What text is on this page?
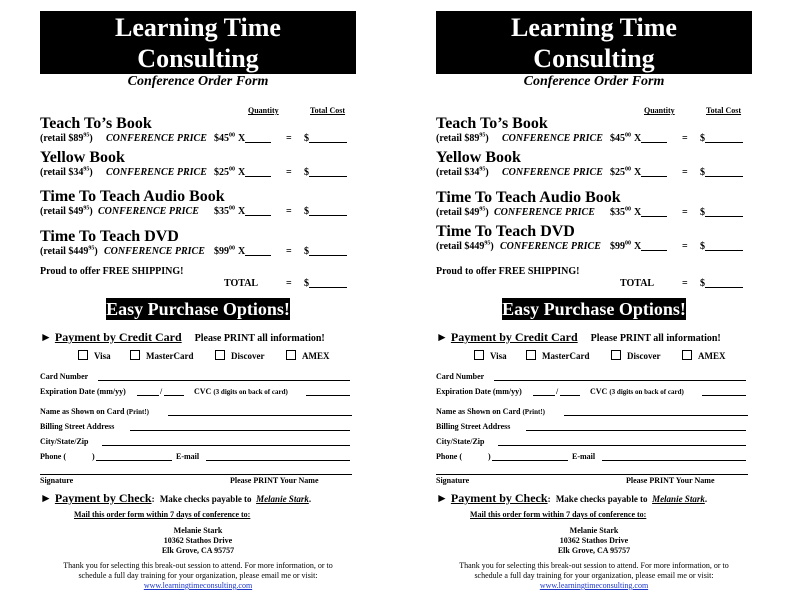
Learning Time
Consulting
Conference Order Form
Quantity	Total Cost
Teach To’s Book
(retail $\$89^{95}$) CONFERENCE PRICE $\$45^{00}$ X	= $
Yellow Book
(retail $\$34^{95}$) CONFERENCE PRICE $\$25^{00}$ X	= $
Time To Teach Audio Book
(retail $\$49^{95}$) CONFERENCE PRICE $\$35^{00}$ X	= $
Time To Teach DVD
(retail $\$449^{95}$) CONFERENCE PRICE $\$99^{00}$ X	= $
Proud to offer FREE SHIPPING!
TOTAL	= $
Easy Purchase Options!
► Payment by Credit Card Please PRINT all information!
Visa	MasterCard	Discover	AMEX
Card Number
Expiration Date (mm/yy)	/	CVC (3 digits on back of card)
Name as Shown on Card (Print!)
Billing Street Address
City/State/Zip
Phone (	)	E-mail
Signature	Please PRINT Your Name
► Payment by Check: Make checks payable to Melanie Stark.
Mail this order form within 7 days of conference to:
Melanie Stark
10362 Stathos Drive
Elk Grove, CA 95757
Thank you for selecting this break-out session to attend. For more information, or to
schedule a full day training for your organization, please email me or visit:
www.learningtimeconsulting.com
Learning Time
Consulting
Conference Order Form
Quantity	Total Cost
Teach To’s Book
(retail $\$89^{95}$) CONFERENCE PRICE $\$45^{00}$ X	= $
Yellow Book
(retail $\$34^{95}$) CONFERENCE PRICE $\$25^{00}$ X	= $
Time To Teach Audio Book
(retail $\$49^{95}$) CONFERENCE PRICE $\$35^{00}$ X	= $
Time To Teach DVD
(retail $\$449^{95}$) CONFERENCE PRICE $\$99^{00}$ X	= $
Proud to offer FREE SHIPPING!
TOTAL	= $
Easy Purchase Options!
► Payment by Credit Card Please PRINT all information!
Visa	MasterCard	Discover	AMEX
Card Number
Expiration Date (mm/yy)	/	CVC (3 digits on back of card)
Name as Shown on Card (Print!)
Billing Street Address
City/State/Zip
Phone (	)	E-mail
Signature	Please PRINT Your Name
► Payment by Check: Make checks payable to Melanie Stark.
Mail this order form within 7 days of conference to:
Melanie Stark
10362 Stathos Drive
Elk Grove, CA 95757
Thank you for selecting this break-out session to attend. For more information, or to
schedule a full day training for your organization, please email me or visit:
www.learningtimeconsulting.com
